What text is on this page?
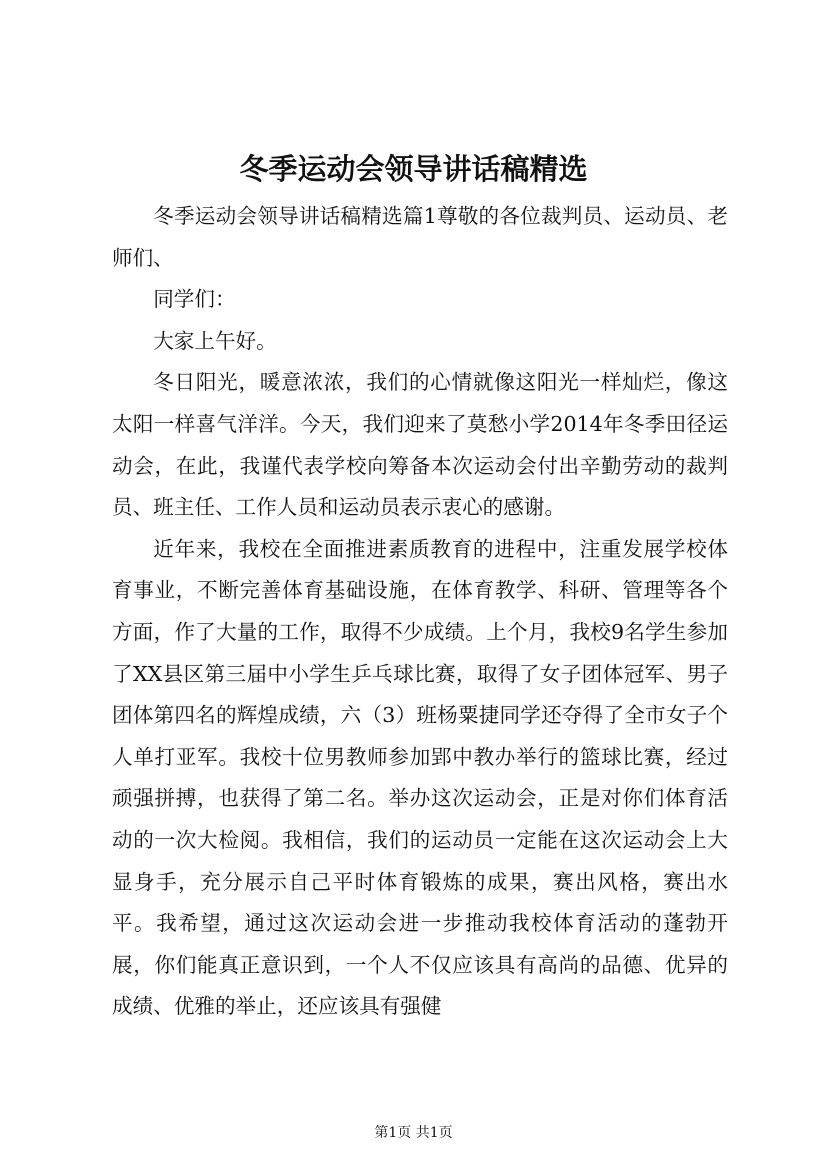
冬季运动会领导讲话稿精选

冬季运动会领导讲话稿精选篇1尊敬的各位裁判员、运动员、老师们、

同学们：

大家上午好。

冬日阳光，暖意浓浓，我们的心情就像这阳光一样灿烂，像这太阳一样喜气洋洋。今天，我们迎来了莫愁小学2014年冬季田径运动会，在此，我谨代表学校向筹备本次运动会付出辛勤劳动的裁判员、班主任、工作人员和运动员表示衷心的感谢。

近年来，我校在全面推进素质教育的进程中，注重发展学校体育事业，不断完善体育基础设施，在体育教学、科研、管理等各个方面，作了大量的工作，取得不少成绩。上个月，我校9名学生参加了XX县区第三届中小学生乒乓球比赛，取得了女子团体冠军、男子团体第四名的辉煌成绩，六（3）班杨粟捷同学还夺得了全市女子个人单打亚军。我校十位男教师参加郢中教办举行的篮球比赛，经过顽强拼搏，也获得了第二名。举办这次运动会，正是对你们体育活动的一次大检阅。我相信，我们的运动员一定能在这次运动会上大显身手，充分展示自己平时体育锻炼的成果，赛出风格，赛出水平。我希望，通过这次运动会进一步推动我校体育活动的蓬勃开展，你们能真正意识到，一个人不仅应该具有高尚的品德、优异的成绩、优雅的举止，还应该具有强健

第1页 共1页
